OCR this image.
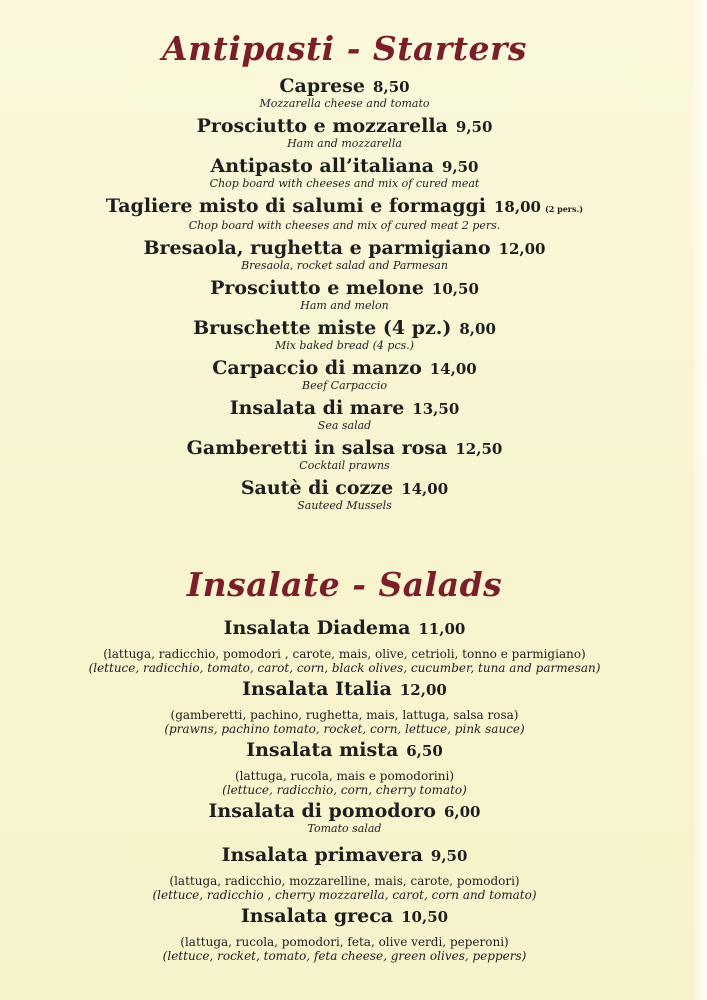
Antipasti - Starters
Caprese 8,50
Mozzarella cheese and tomato
Prosciutto e mozzarella 9,50
Ham and mozzarella
Antipasto all’italiana 9,50
Chop board with cheeses and mix of cured meat
Tagliere misto di salumi e formaggi 18,00 (2 pers.)
Chop board with cheeses and mix of cured meat 2 pers.
Bresaola, rughetta e parmigiano 12,00
Bresaola, rocket salad and Parmesan
Prosciutto e melone 10,50
Ham and melon
Bruschette miste (4 pz.) 8,00
Mix baked bread (4 pcs.)
Carpaccio di manzo 14,00
Beef Carpaccio
Insalata di mare 13,50
Sea salad
Gamberetti in salsa rosa 12,50
Cocktail prawns
Sautè di cozze 14,00
Sauteed Mussels
Insalate - Salads
Insalata Diadema 11,00
(lattuga, radicchio, pomodori , carote, mais, olive, cetrioli, tonno e parmigiano)
(lettuce, radicchio, tomato, carot, corn, black olives, cucumber, tuna and parmesan)
Insalata Italia 12,00
(gamberetti, pachino, rughetta, mais, lattuga, salsa rosa)
(prawns, pachino tomato, rocket, corn, lettuce, pink sauce)
Insalata mista 6,50
(lattuga, rucola, mais e pomodorini)
(lettuce, radicchio, corn, cherry tomato)
Insalata di pomodoro 6,00
Tomato salad
Insalata primavera 9,50
(lattuga, radicchio, mozzarelline, mais, carote, pomodori)
(lettuce, radicchio , cherry mozzarella, carot, corn and tomato)
Insalata greca 10,50
(lattuga, rucola, pomodori, feta, olive verdi, peperoni)
(lettuce, rocket, tomato, feta cheese, green olives, peppers)
